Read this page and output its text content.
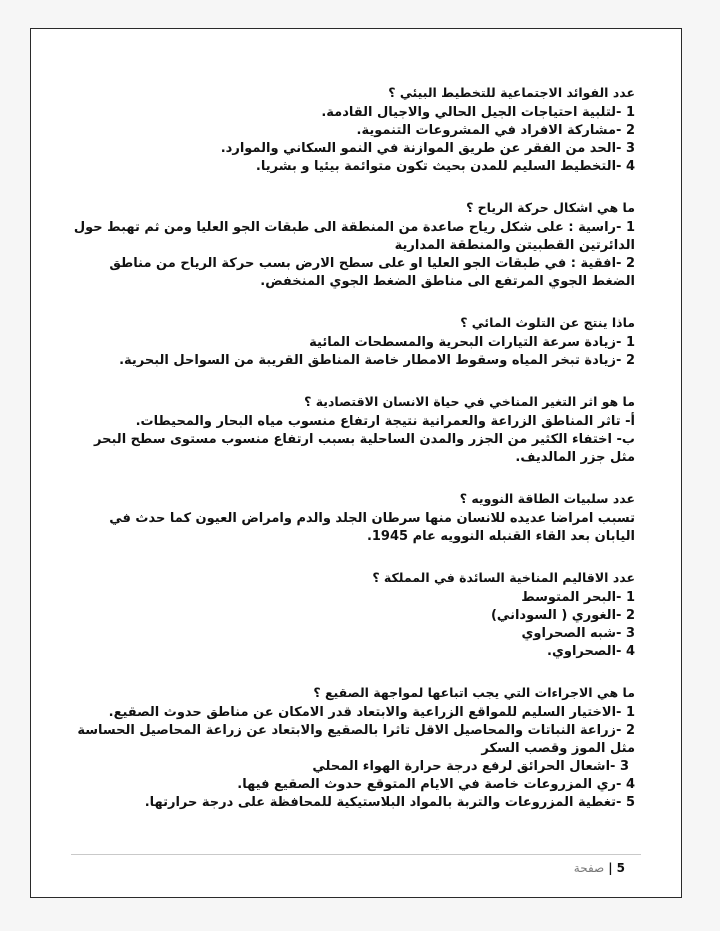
عدد الفوائد الاجتماعية للتخطيط البيئي ؟
1 -لتلبية احتياجات الجيل الحالي والاجيال القادمة.
2 -مشاركة الافراد في المشروعات التنموية.
3 -الحد من الفقر عن طريق الموازنة في النمو السكاني والموارد.
4 -التخطيط السليم للمدن بحيث تكون متوائمة بيئيا و بشريا.
ما هي اشكال حركة الرياح ؟
1 -راسية : على شكل رياح صاعدة من المنطقة الى طبقات الجو العليا ومن ثم تهبط حول الدائرتين القطبيتن والمنطقة المدارية
2 -افقية : في طبقات الجو العليا او على سطح الارض بسب حركة الرياح من مناطق الضغط الجوي المرتفع الى مناطق الضغط الجوي المنخفض.
ماذا ينتج عن التلوث المائي ؟
1 -زيادة سرعة التيارات البحرية والمسطحات المائية
2 -زيادة تبخر المياه وسقوط الامطار خاصة المناطق القريبة من السواحل البحرية.
ما هو اثر التغير المناخي في حياة الانسان الاقتصادية ؟
أ- تاثر المناطق الزراعة والعمرانية نتيجة ارتفاع منسوب مياه البحار والمحيطات.
ب- اختفاء الكثير من الجزر والمدن الساحلية بسبب ارتفاع منسوب مستوى سطح البحر مثل جزر المالديف.
عدد سلبيات الطاقة النوويه ؟
تسبب امراضا عديده للانسان منها سرطان الجلد والدم وامراض العيون كما حدث في اليابان بعد القاء القنبله النوويه عام 1945.
عدد الاقاليم المناخية السائدة في المملكة ؟
1 -البحر المتوسط
2 -الغوري ( السوداني)
3 -شبه الصحراوي
4 -الصحراوي.
ما هي الاجراءات التي يجب اتباعها لمواجهة الصقيع ؟
1 -الاختيار السليم للمواقع الزراعية والابتعاد قدر الامكان عن مناطق حدوث الصقيع.
2 -زراعة النباتات والمحاصيل الاقل تاثرا بالصقيع والابتعاد عن زراعة المحاصيل الحساسة مثل الموز وقصب السكر
3 -اشعال الحرائق لرفع درجة حرارة الهواء المحلي
4 -ري المزروعات خاصة في الايام المتوقع حدوث الصقيع فيها.
5 -تغطية المزروعات والتربة بالمواد البلاستيكية للمحافظة على درجة حرارتها.
5|صفحة
